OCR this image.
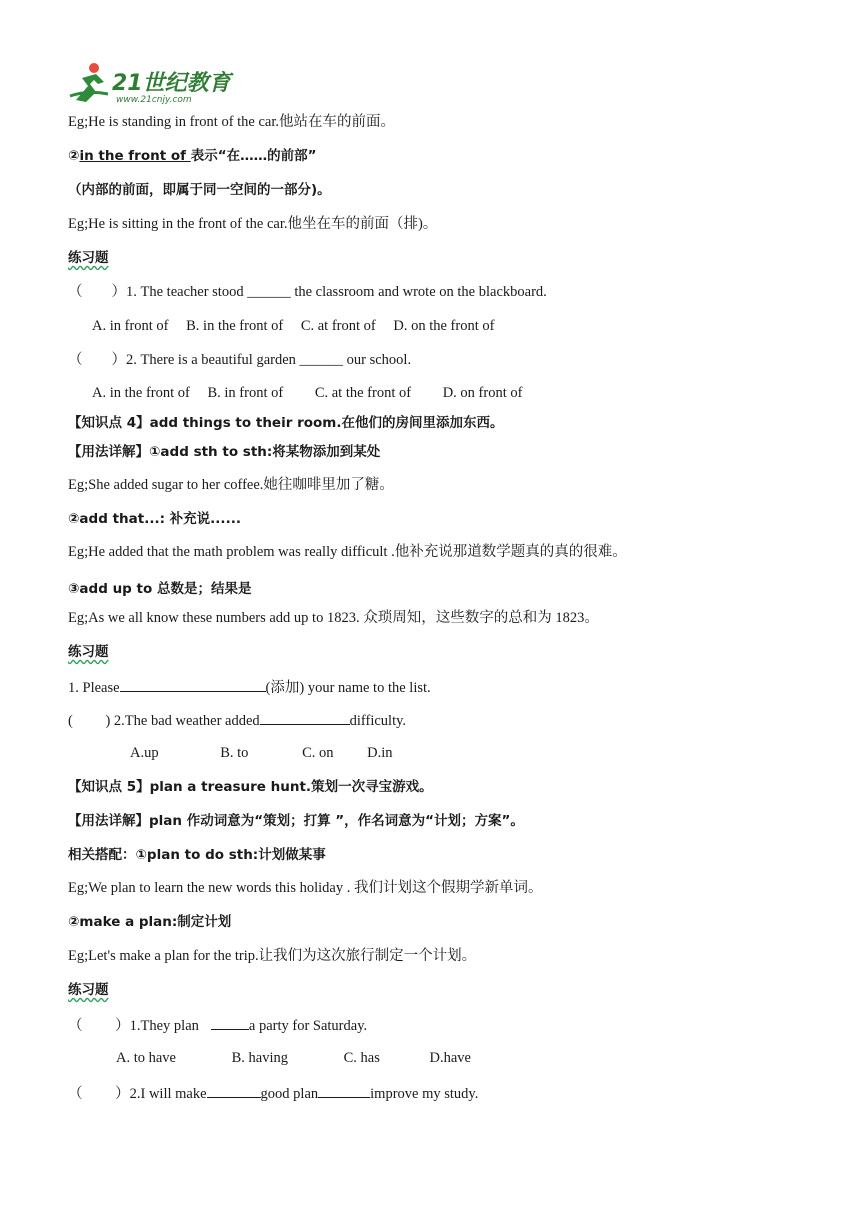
21世纪教育
www.21cnjy.com
Eg;He is standing in front of the car.他站在车的前面。
②in the front of 表示“在……的前部”
（内部的前面，即属于同一空间的一部分)。
Eg;He is sitting in the front of the car.他坐在车的前面（排)。
练习题
（　　）1. The teacher stood ______ the classroom and wrote on the blackboard.
A. in front of B. in the front of C. at front of D. on the front of
（　　）2. There is a beautiful garden ______ our school.
A. in the front of B. in front of C. at the front of D. on front of
【知识点 4】add things to their room.在他们的房间里添加东西。
【用法详解】①add sth to sth:将某物添加到某处
Eg;She added sugar to her coffee.她往咖啡里加了糖。
②add that...: 补充说......
Eg;He added that the math problem was really difficult .他补充说那道数学题真的真的很难。
③add up to 总数是；结果是
Eg;As we all know these numbers add up to 1823. 众琐周知，这些数字的总和为 1823。
练习题
1. Please	(添加) your name to the list.
(　　 ) 2.The bad weather added	difficulty.
A.up	B. to	C. on D.in
【知识点 5】plan a treasure hunt.策划一次寻宝游戏。
【用法详解】plan 作动词意为“策划；打算 ”，作名词意为“计划；方案”。
相关搭配：①plan to do sth:计划做某事
Eg;We plan to learn the new words this holiday . 我们计划这个假期学新单词。
②make a plan:制定计划
Eg;Let's make a plan for the trip.让我们为这次旅行制定一个计划。
练习题
（　　 ）1.They plan	a party for Saturday.
A. to have	B. having	C. has	D.have
（　　 ）2.I will make	good plan	improve my study.
